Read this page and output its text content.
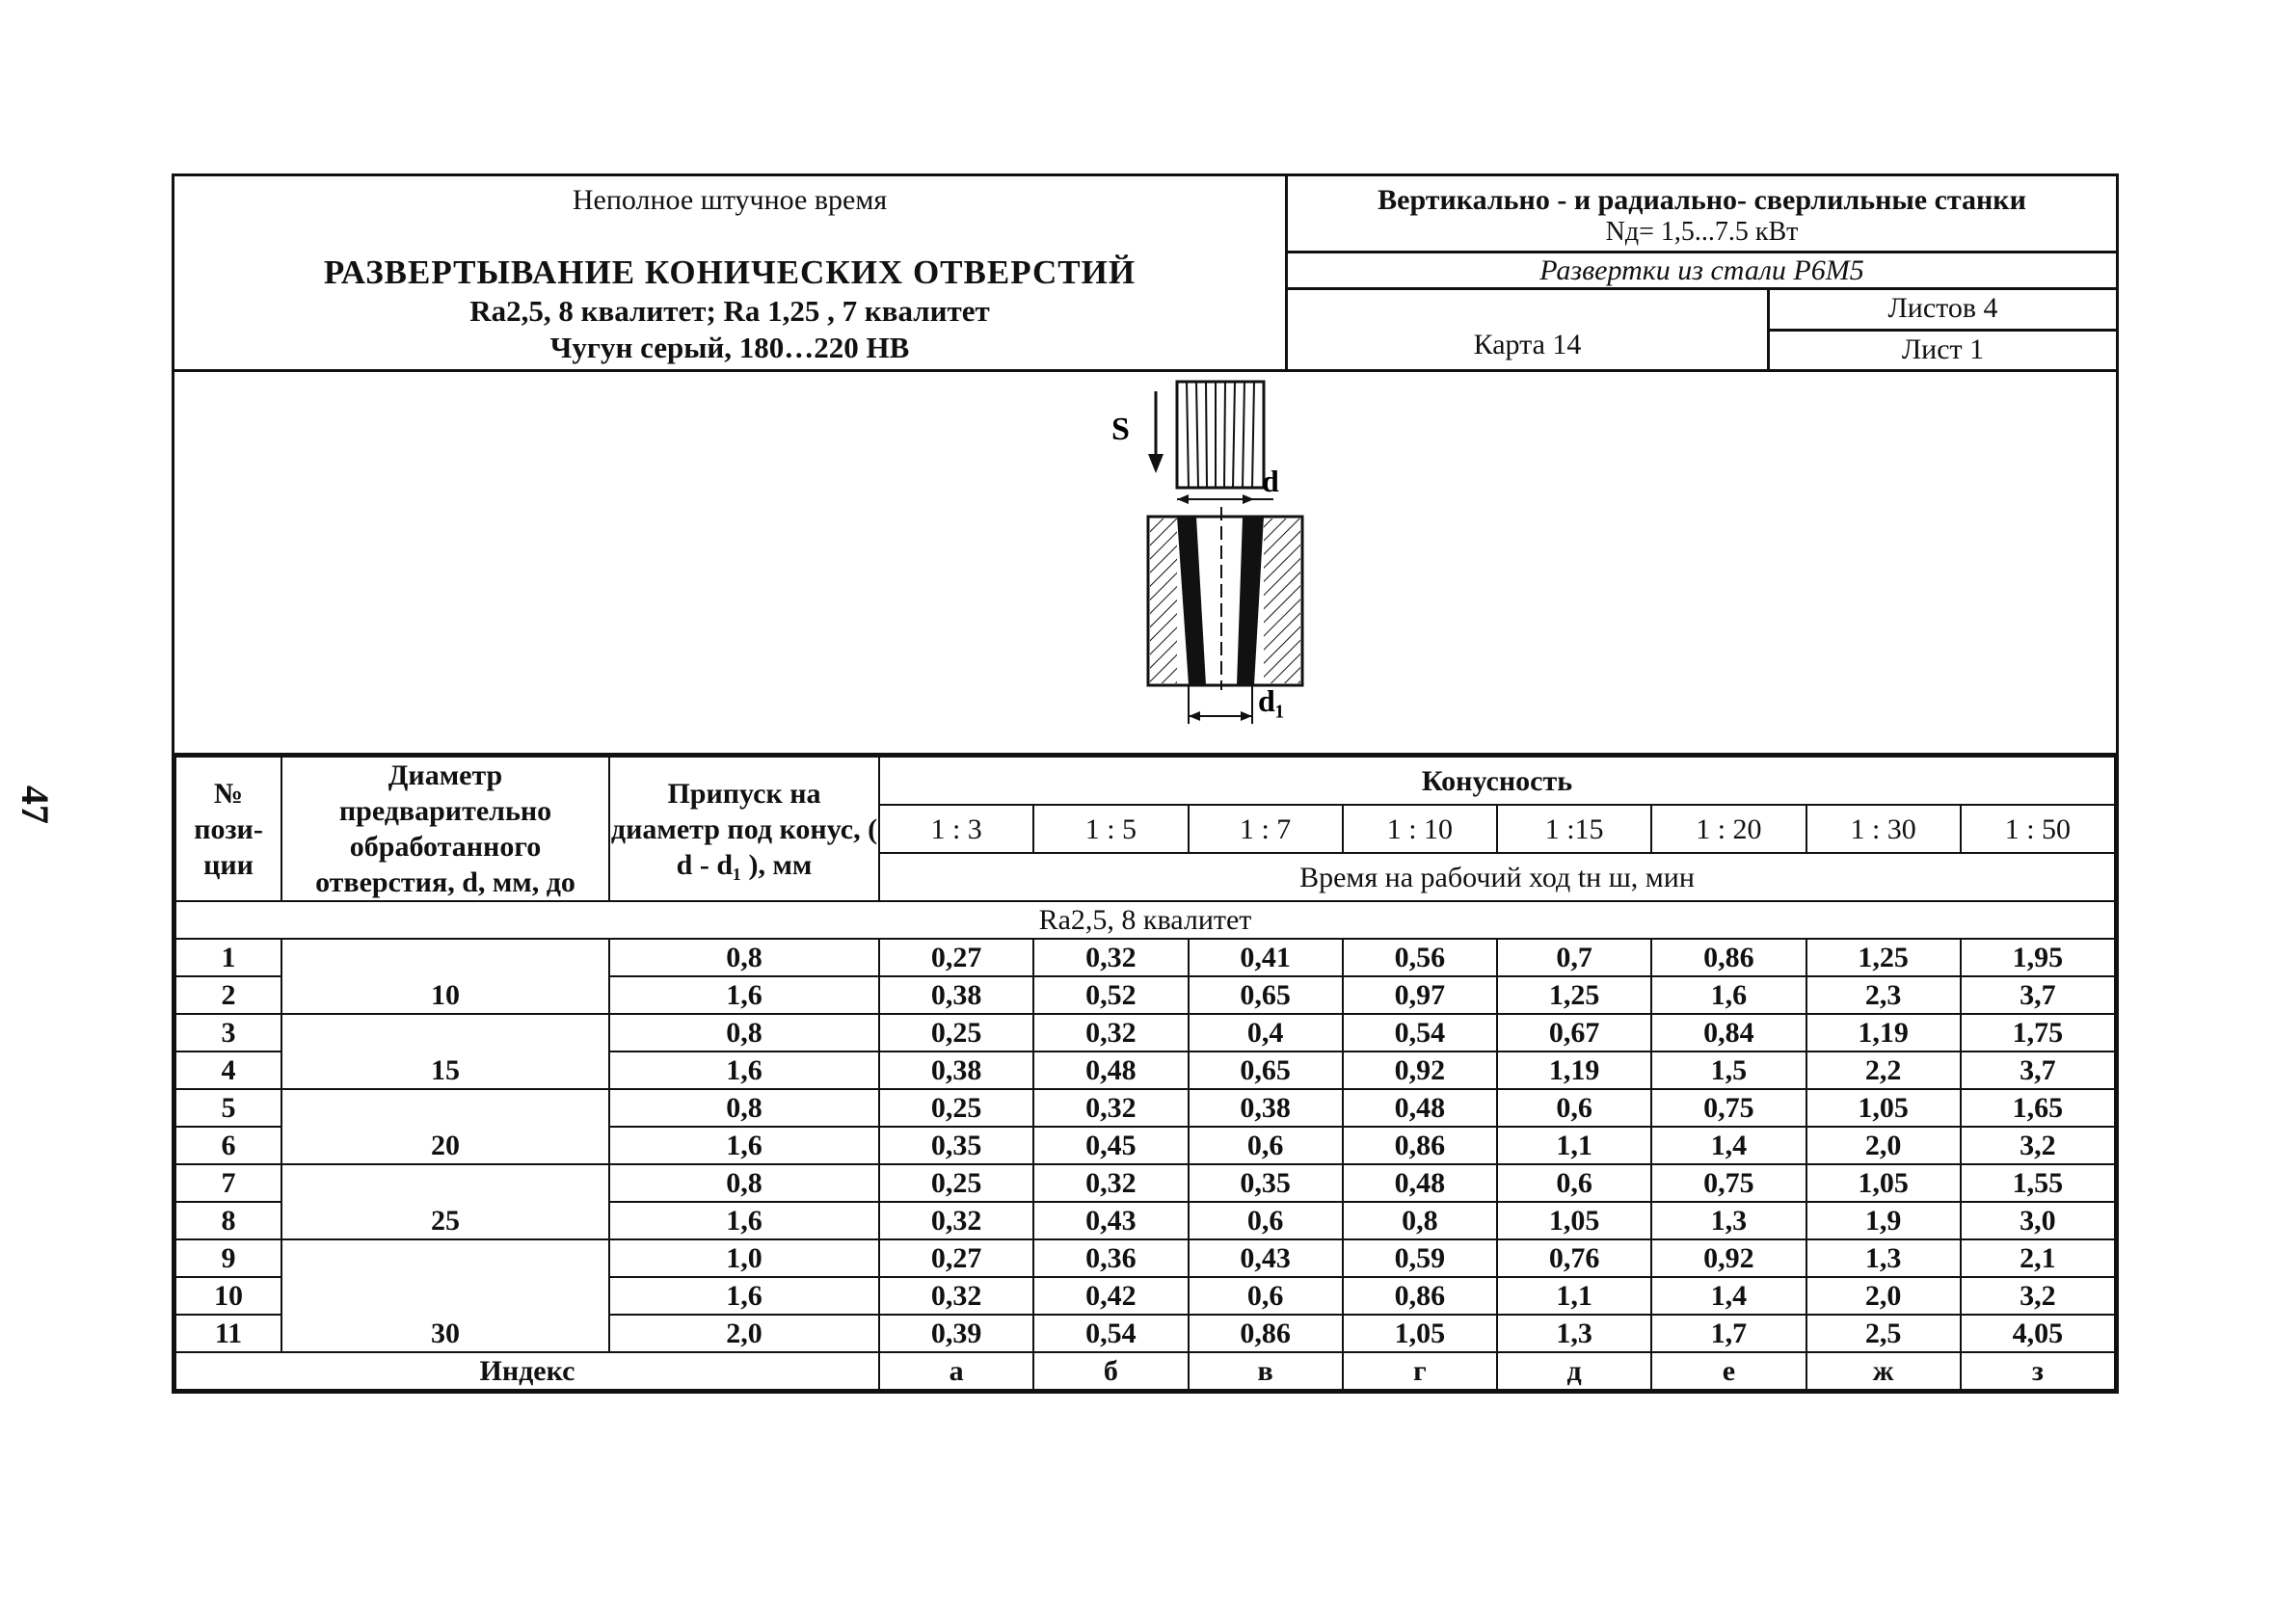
47
Неполное штучное время
РАЗВЕРТЫВАНИЕ КОНИЧЕСКИХ ОТВЕРСТИЙ
Ra2,5, 8 квалитет; Ra 1,25 , 7 квалитет
Чугун серый, 180…220 НВ
Вертикально - и радиально- сверлильные станки
Nд= 1,5...7.5 кВт
Развертки из стали Р6М5
Карта 14
Листов 4
Лист 1
S
d
d₁
№ пози- ции	Диаметр предварительно обработанного отверстия, d, мм, до	Припуск на диаметр под конус, ( d - d₁ ), мм	Конусность							
			1 : 3	1 : 5	1 : 7	1 : 10	1 :15	1 : 20	1 : 30	1 : 50
			Время на рабочий ход tн ш, мин							
Ra2,5, 8 квалитет										
1	10	0,8	0,27	0,32	0,41	0,56	0,7	0,86	1,25	1,95
2		1,6	0,38	0,52	0,65	0,97	1,25	1,6	2,3	3,7
3	15	0,8	0,25	0,32	0,4	0,54	0,67	0,84	1,19	1,75
4		1,6	0,38	0,48	0,65	0,92	1,19	1,5	2,2	3,7
5	20	0,8	0,25	0,32	0,38	0,48	0,6	0,75	1,05	1,65
6		1,6	0,35	0,45	0,6	0,86	1,1	1,4	2,0	3,2
7	25	0,8	0,25	0,32	0,35	0,48	0,6	0,75	1,05	1,55
8		1,6	0,32	0,43	0,6	0,8	1,05	1,3	1,9	3,0
9	30	1,0	0,27	0,36	0,43	0,59	0,76	0,92	1,3	2,1
10		1,6	0,32	0,42	0,6	0,86	1,1	1,4	2,0	3,2
11		2,0	0,39	0,54	0,86	1,05	1,3	1,7	2,5	4,05
Индекс			а	б	в	г	д	е	ж	з
